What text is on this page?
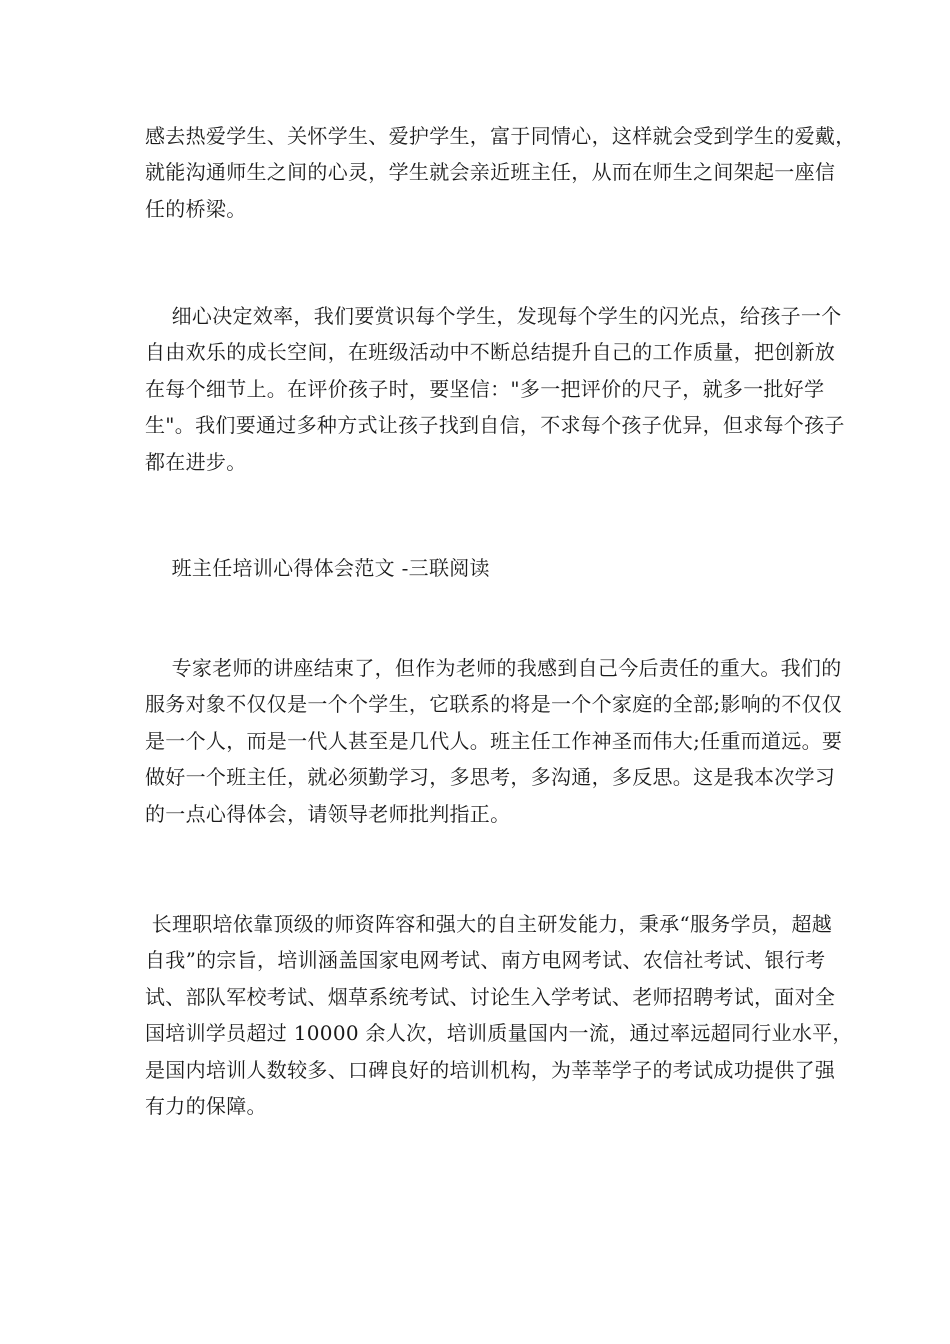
感去热爱学生、关怀学生、爱护学生，富于同情心，这样就会受到学生的爱戴，
就能沟通师生之间的心灵，学生就会亲近班主任，从而在师生之间架起一座信
任的桥梁。

细心决定效率，我们要赏识每个学生，发现每个学生的闪光点，给孩子一个
自由欢乐的成长空间，在班级活动中不断总结提升自己的工作质量，把创新放
在每个细节上。在评价孩子时，要坚信："多一把评价的尺子，就多一批好学
生"。我们要通过多种方式让孩子找到自信，不求每个孩子优异，但求每个孩子
都在进步。

班主任培训心得体会范文 -三联阅读

专家老师的讲座结束了，但作为老师的我感到自己今后责任的重大。我们的
服务对象不仅仅是一个个学生，它联系的将是一个个家庭的全部;影响的不仅仅
是一个人，而是一代人甚至是几代人。班主任工作神圣而伟大;任重而道远。要
做好一个班主任，就必须勤学习，多思考，多沟通，多反思。这是我本次学习
的一点心得体会，请领导老师批判指正。

长理职培依靠顶级的师资阵容和强大的自主研发能力，秉承“服务学员，超越
自我”的宗旨，培训涵盖国家电网考试、南方电网考试、农信社考试、银行考
试、部队军校考试、烟草系统考试、讨论生入学考试、老师招聘考试，面对全
国培训学员超过 10000 余人次，培训质量国内一流，通过率远超同行业水平，
是国内培训人数较多、口碑良好的培训机构，为莘莘学子的考试成功提供了强
有力的保障。
